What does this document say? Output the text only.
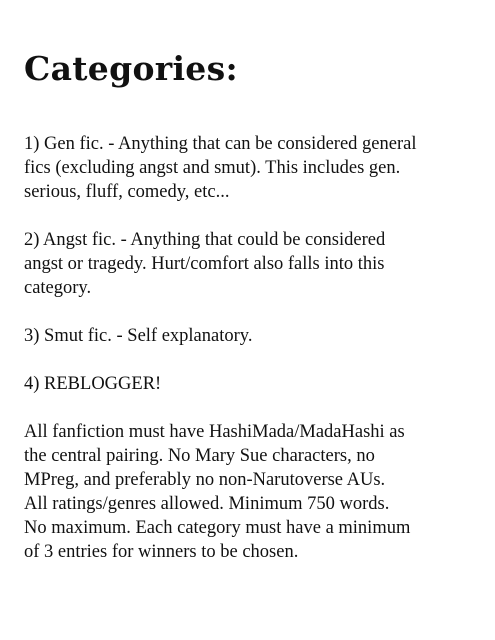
Categories:

1) Gen fic. - Anything that can be considered general
fics (excluding angst and smut). This includes gen.
serious, fluff, comedy, etc...

2) Angst fic. - Anything that could be considered
angst or tragedy. Hurt/comfort also falls into this
category.

3) Smut fic. - Self explanatory.

4) REBLOGGER!

All fanfiction must have HashiMada/MadaHashi as
the central pairing. No Mary Sue characters, no
MPreg, and preferably no non-Narutoverse AUs.
All ratings/genres allowed. Minimum 750 words.
No maximum. Each category must have a minimum
of 3 entries for winners to be chosen.
